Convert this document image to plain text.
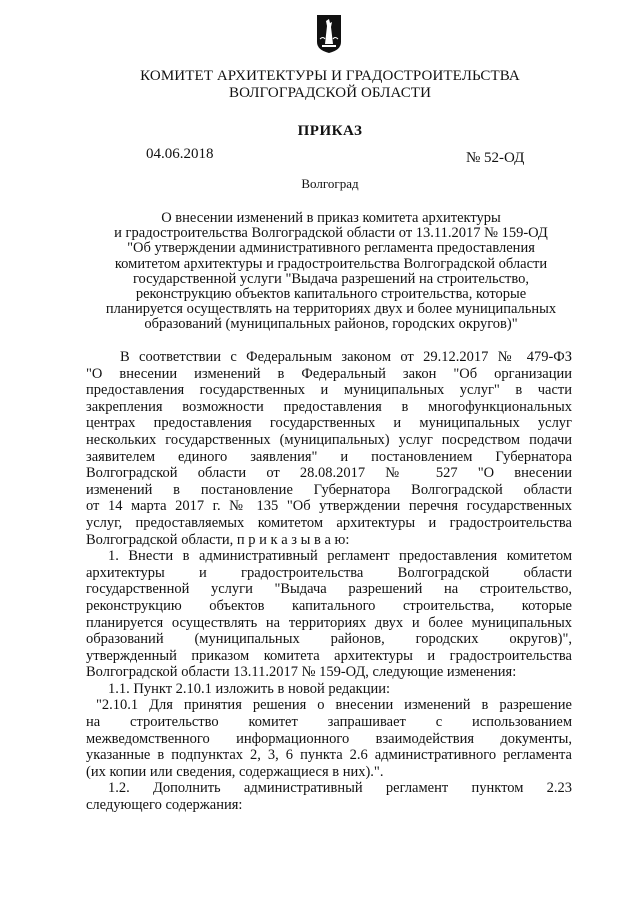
КОМИТЕТ АРХИТЕКТУРЫ И ГРАДОСТРОИТЕЛЬСТВА
ВОЛГОГРАДСКОЙ ОБЛАСТИ
ПРИКАЗ
04.06.2018	№ 52-ОД
Волгоград
О внесении изменений в приказ комитета архитектуры
и градостроительства Волгоградской области от 13.11.2017 № 159-ОД
"Об утверждении административного регламента предоставления
комитетом архитектуры и градостроительства Волгоградской области
государственной услуги "Выдача разрешений на строительство,
реконструкцию объектов капитального строительства, которые
планируется осуществлять на территориях двух и более муниципальных
образований (муниципальных районов, городских округов)"

В соответствии с Федеральным законом от 29.12.2017 № 479-ФЗ

"О внесении изменений в Федеральный закон "Об организации

предоставления государственных и муниципальных услуг" в части

закрепления возможности предоставления в многофункциональных

центрах предоставления государственных и муниципальных услуг

нескольких государственных (муниципальных) услуг посредством подачи

заявителем единого заявления" и постановлением Губернатора

Волгоградской области от 28.08.2017 № 527 "О внесении

изменений в постановление Губернатора Волгоградской области

от 14 марта 2017 г. № 135 "Об утверждении перечня государственных

услуг, предоставляемых комитетом архитектуры и градостроительства

Волгоградской области, п р и к а з ы в а ю:

1. Внести в административный регламент предоставления комитетом

архитектуры и градостроительства Волгоградской области

государственной услуги "Выдача разрешений на строительство,

реконструкцию объектов капитального строительства, которые

планируется осуществлять на территориях двух и более муниципальных

образований (муниципальных районов, городских округов)",

утвержденный приказом комитета архитектуры и градостроительства

Волгоградской области 13.11.2017 № 159-ОД, следующие изменения:

1.1. Пункт 2.10.1 изложить в новой редакции:

"2.10.1 Для принятия решения о внесении изменений в разрешение

на строительство комитет запрашивает с использованием

межведомственного информационного взаимодействия документы,

указанные в подпунктах 2, 3, 6 пункта 2.6 административного регламента

(их копии или сведения, содержащиеся в них).".

1.2. Дополнить административный регламент пунктом 2.23

следующего содержания:
